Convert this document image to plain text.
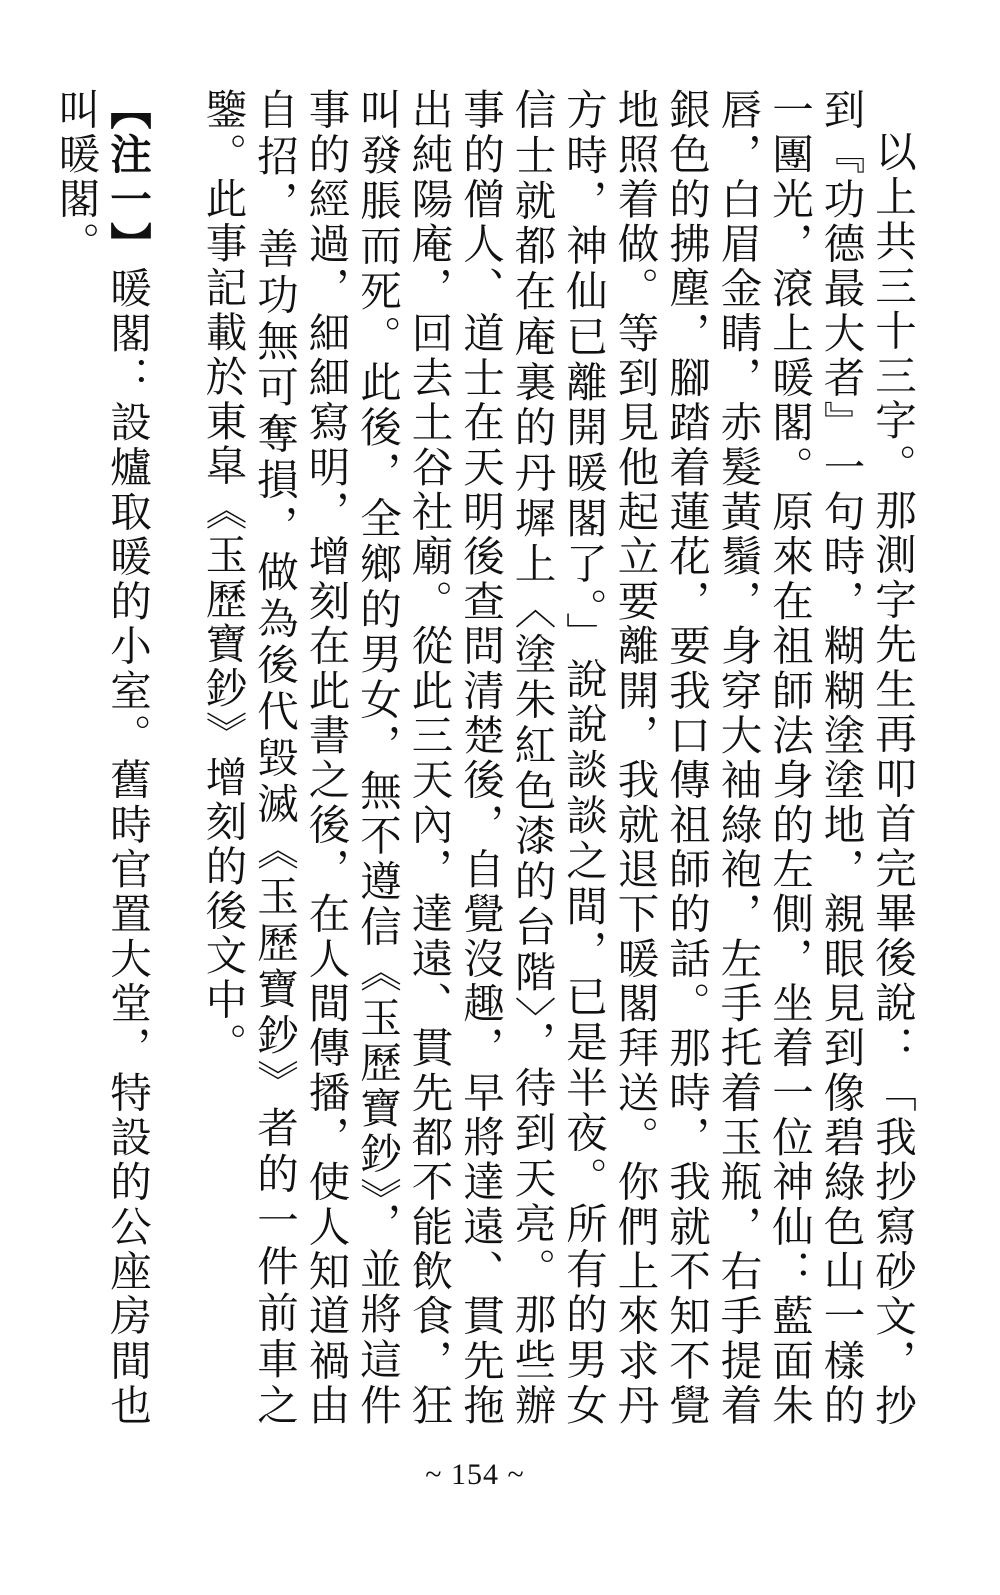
以上共三十三字。那測字先生再叩首完畢後說：「我抄寫砂文，抄到『功德最大者』一句時，糊糊塗塗地，親眼見到像碧綠色山一樣的一團光，滾上暖閣。原來在祖師法身的左側，坐着一位神仙：藍面朱唇，白眉金睛，赤髮黃鬚，身穿大袖綠袍，左手托着玉瓶，右手提着銀色的拂塵，腳踏着蓮花，要我口傳祖師的話。那時，我就不知不覺地照着做。等到見他起立要離開，我就退下暖閣拜送。你們上來求丹方時，神仙已離開暖閣了。」說說談談之間，已是半夜。所有的男女信士就都在庵裏的丹墀上〈塗朱紅色漆的台階〉，待到天亮。那些辦事的僧人、道士在天明後查問清楚後，自覺沒趣，早將達遠、貫先拖出純陽庵，回去土谷社廟。從此三天內，達遠、貫先都不能飲食，狂叫發脹而死。此後，全鄉的男女，無不遵信《玉歷寶鈔》，並將這件事的經過，細細寫明，增刻在此書之後，在人間傳播，使人知道禍由自招，善功無可奪損，做為後代毀滅《玉歷寶鈔》者的一件前車之鑒。此事記載於東皐《玉歷寶鈔》增刻的後文中。

【注一】暖閣：設爐取暖的小室。舊時官置大堂，特設的公座房間也叫暖閣。

~ 154 ~
